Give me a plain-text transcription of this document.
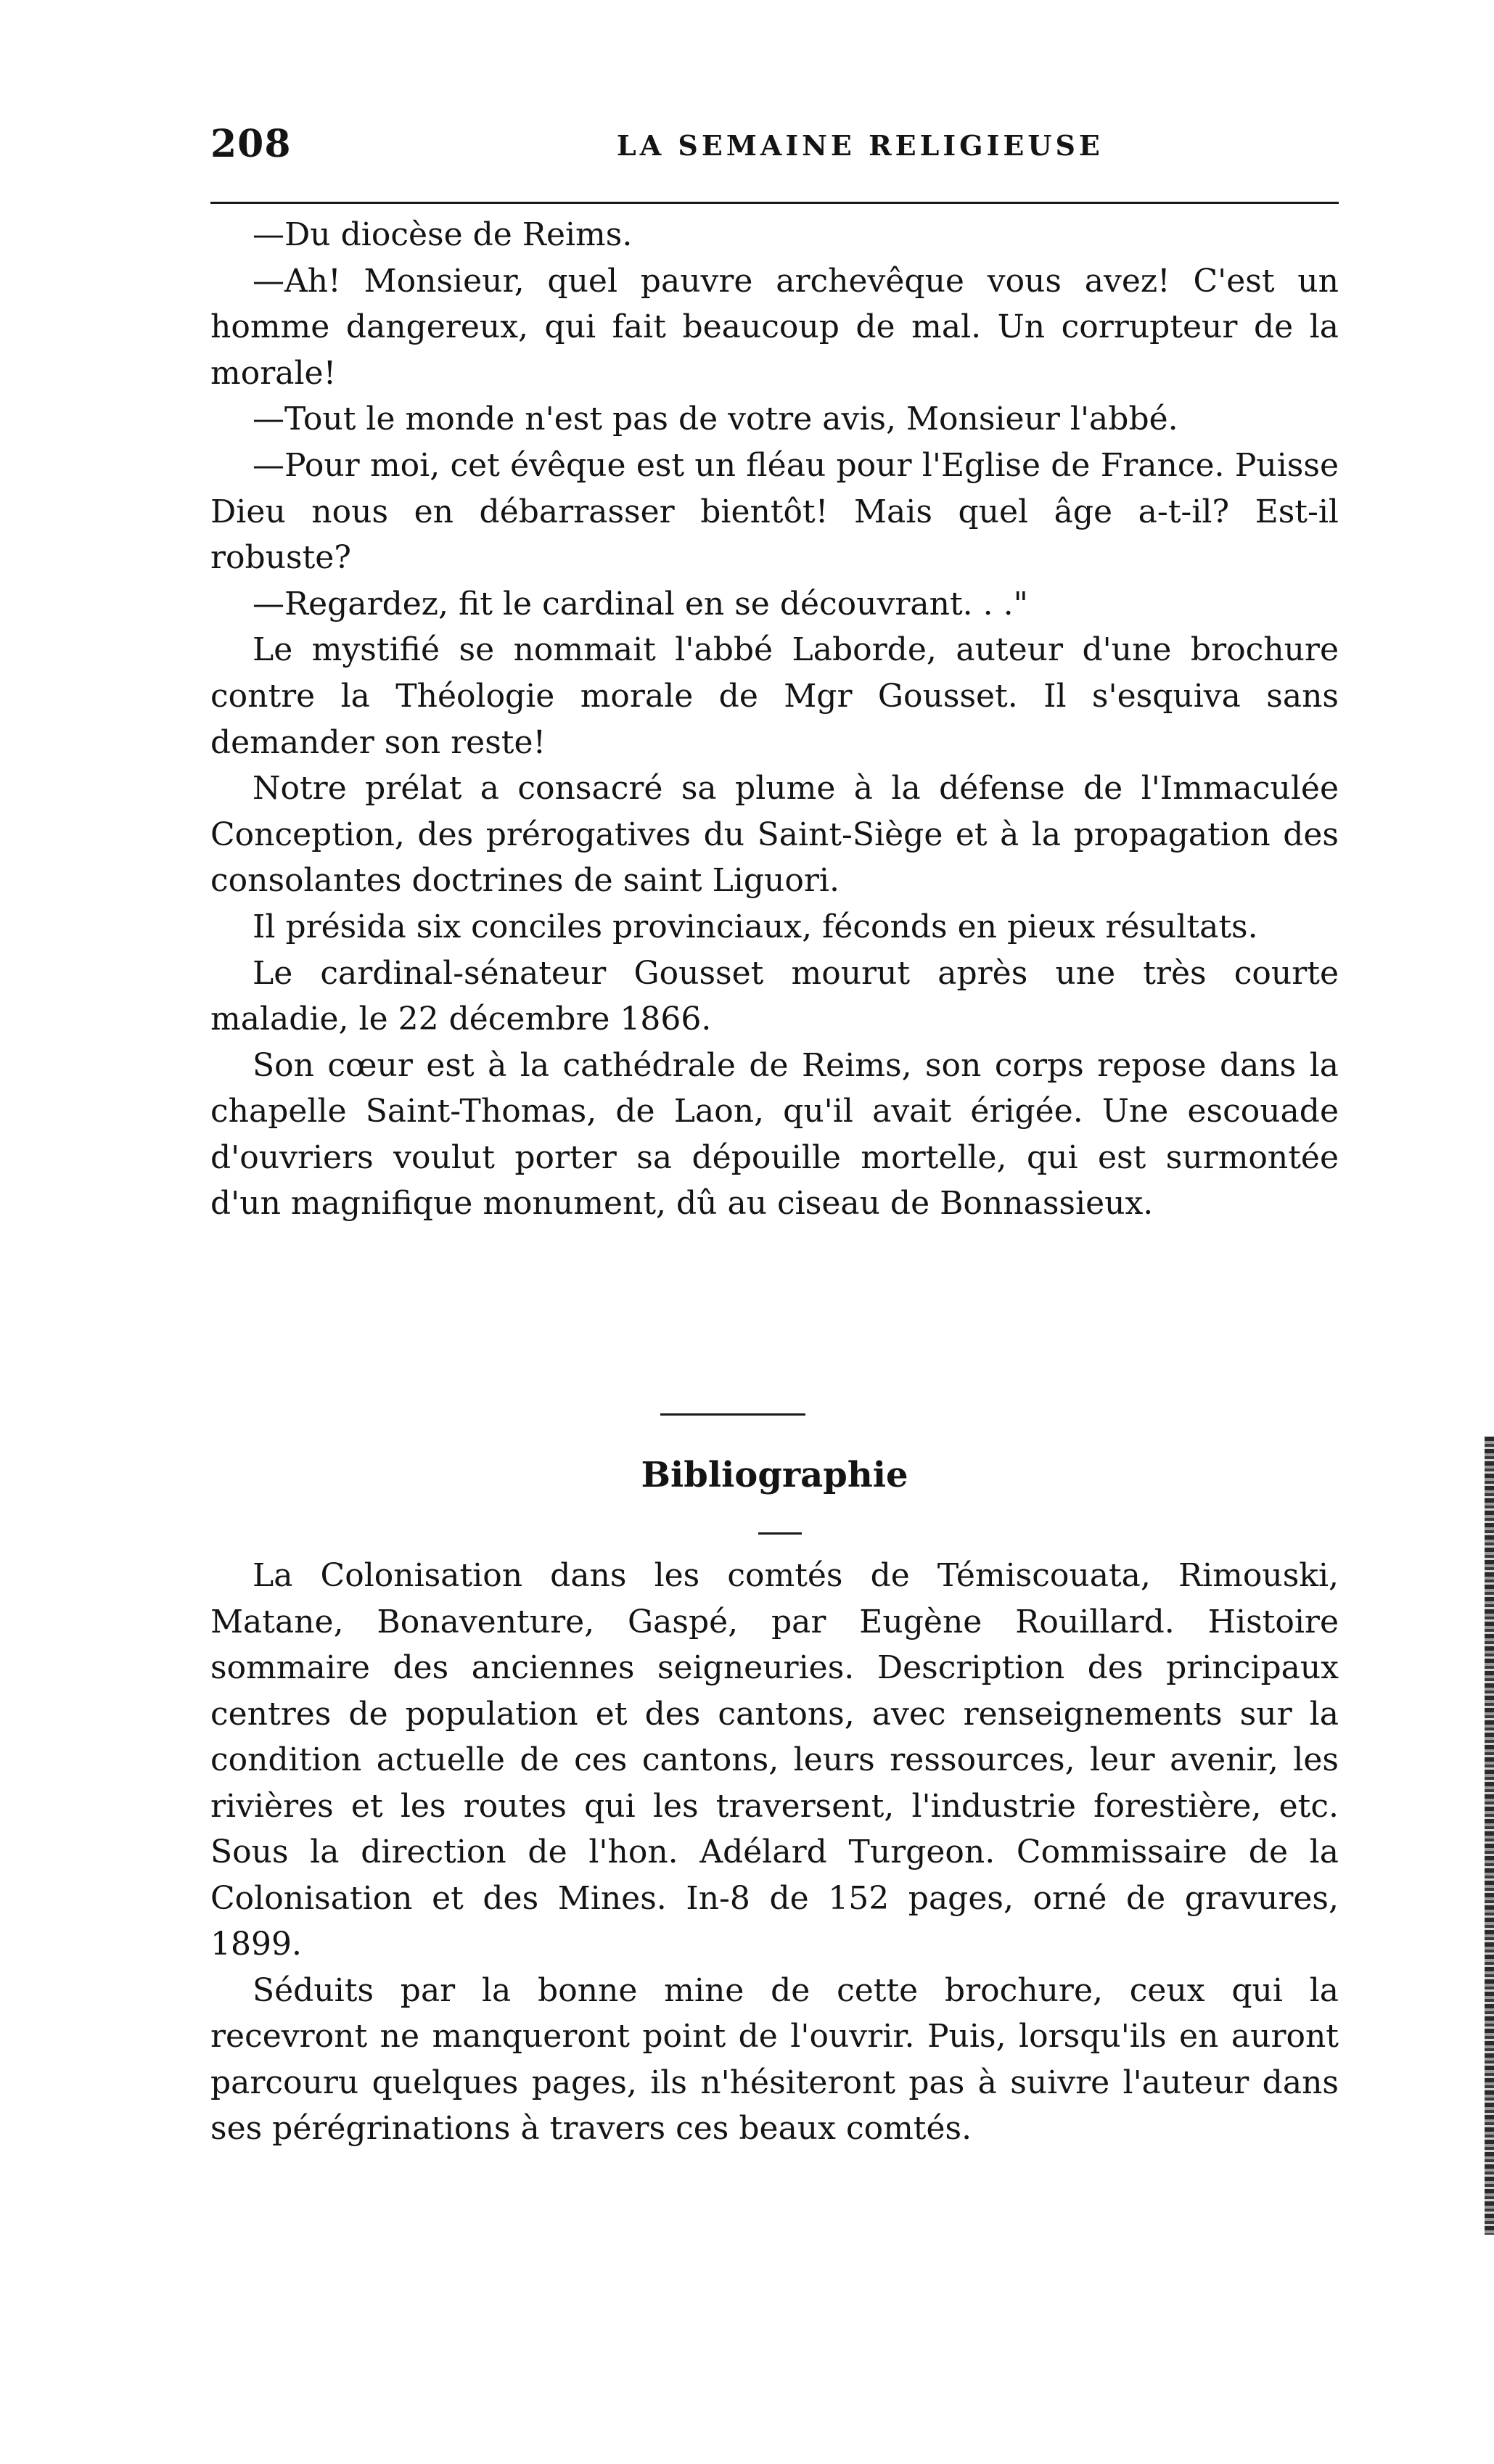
208	LA SEMAINE RELIGIEUSE

—Du diocèse de Reims.

—Ah! Monsieur, quel pauvre archevêque vous avez! C'est un homme dangereux, qui fait beaucoup de mal. Un corrupteur de la morale!

—Tout le monde n'est pas de votre avis, Monsieur l'abbé.

—Pour moi, cet évêque est un fléau pour l'Eglise de France. Puisse Dieu nous en débarrasser bientôt! Mais quel âge a-t-il? Est-il robuste?

—Regardez, fit le cardinal en se découvrant. . ."

Le mystifié se nommait l'abbé Laborde, auteur d'une brochure contre la Théologie morale de Mgr Gousset. Il s'esquiva sans demander son reste!

Notre prélat a consacré sa plume à la défense de l'Immaculée Conception, des prérogatives du Saint-Siège et à la propagation des consolantes doctrines de saint Liguori.

Il présida six conciles provinciaux, féconds en pieux résultats.

Le cardinal-sénateur Gousset mourut après une très courte maladie, le 22 décembre 1866.

Son cœur est à la cathédrale de Reims, son corps repose dans la chapelle Saint-Thomas, de Laon, qu'il avait érigée. Une escouade d'ouvriers voulut porter sa dépouille mortelle, qui est surmontée d'un magnifique monument, dû au ciseau de Bonnassieux.

Bibliographie

La Colonisation dans les comtés de Témiscouata, Rimouski, Matane, Bonaventure, Gaspé, par Eugène Rouillard. Histoire sommaire des anciennes seigneuries. Description des principaux centres de population et des cantons, avec renseignements sur la condition actuelle de ces cantons, leurs ressources, leur avenir, les rivières et les routes qui les traversent, l'industrie forestière, etc. Sous la direction de l'hon. Adélard Turgeon. Commissaire de la Colonisation et des Mines. In-8 de 152 pages, orné de gravures, 1899.

Séduits par la bonne mine de cette brochure, ceux qui la recevront ne manqueront point de l'ouvrir. Puis, lorsqu'ils en auront parcouru quelques pages, ils n'hésiteront pas à suivre l'auteur dans ses pérégrinations à travers ces beaux comtés.
